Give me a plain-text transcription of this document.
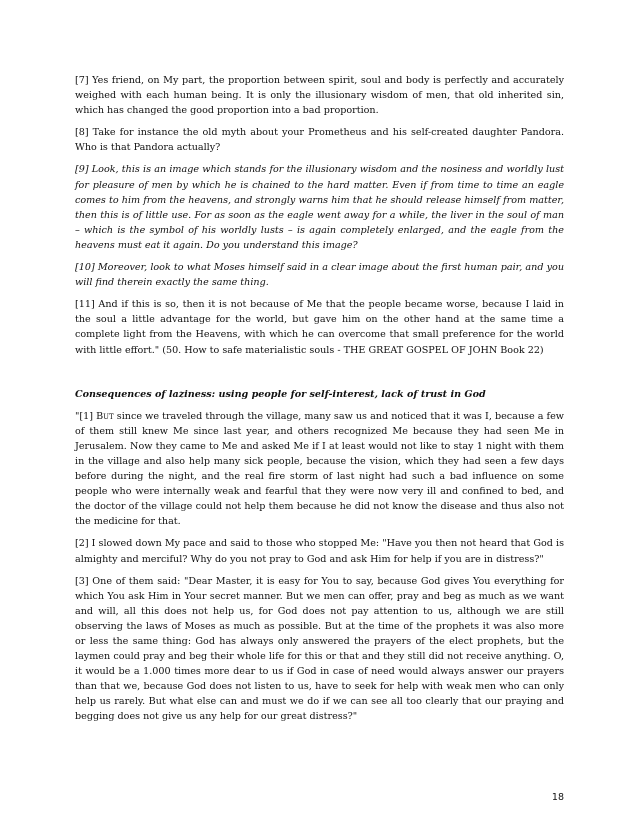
[7] Yes friend, on My part, the proportion between spirit, soul and body is perfectly and accurately weighed with each human being. It is only the illusionary wisdom of men, that old inherited sin, which has changed the good proportion into a bad proportion.

[8] Take for instance the old myth about your Prometheus and his self-created daughter Pandora. Who is that Pandora actually?

[9] Look, this is an image which stands for the illusionary wisdom and the nosiness and worldly lust for pleasure of men by which he is chained to the hard matter. Even if from time to time an eagle comes to him from the heavens, and strongly warns him that he should release himself from matter, then this is of little use. For as soon as the eagle went away for a while, the liver in the soul of man – which is the symbol of his worldly lusts – is again completely enlarged, and the eagle from the heavens must eat it again. Do you understand this image?

[10] Moreover, look to what Moses himself said in a clear image about the first human pair, and you will find therein exactly the same thing.

[11] And if this is so, then it is not because of Me that the people became worse, because I laid in the soul a little advantage for the world, but gave him on the other hand at the same time a complete light from the Heavens, with which he can overcome that small preference for the world with little effort." (50. How to safe materialistic souls - THE GREAT GOSPEL OF JOHN Book 22)

Consequences of laziness: using people for self-interest, lack of trust in God

"[1] But since we traveled through the village, many saw us and noticed that it was I, because a few of them still knew Me since last year, and others recognized Me because they had seen Me in Jerusalem. Now they came to Me and asked Me if I at least would not like to stay 1 night with them in the village and also help many sick people, because the vision, which they had seen a few days before during the night, and the real fire storm of last night had such a bad influence on some people who were internally weak and fearful that they were now very ill and confined to bed, and the doctor of the village could not help them because he did not know the disease and thus also not the medicine for that.

[2] I slowed down My pace and said to those who stopped Me: "Have you then not heard that God is almighty and merciful? Why do you not pray to God and ask Him for help if you are in distress?"

[3] One of them said: "Dear Master, it is easy for You to say, because God gives You everything for which You ask Him in Your secret manner. But we men can offer, pray and beg as much as we want and will, all this does not help us, for God does not pay attention to us, although we are still observing the laws of Moses as much as possible. But at the time of the prophets it was also more or less the same thing: God has always only answered the prayers of the elect prophets, but the laymen could pray and beg their whole life for this or that and they still did not receive anything. O, it would be a 1.000 times more dear to us if God in case of need would always answer our prayers than that we, because God does not listen to us, have to seek for help with weak men who can only help us rarely. But what else can and must we do if we can see all too clearly that our praying and begging does not give us any help for our great distress?"

18
